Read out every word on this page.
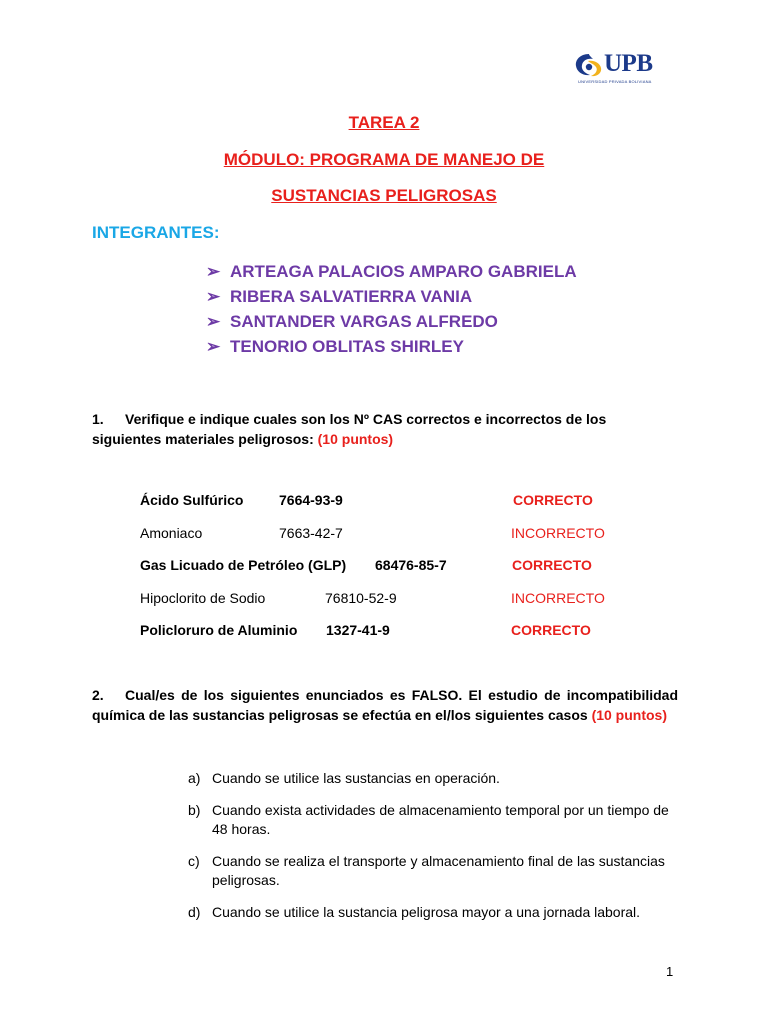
UPB
UNIVERSIDAD PRIVADA BOLIVIANA
TAREA 2
MÓDULO: PROGRAMA DE MANEJO DE
SUSTANCIAS PELIGROSAS
INTEGRANTES:
➢ ARTEAGA PALACIOS AMPARO GABRIELA
➢ RIBERA SALVATIERRA VANIA
➢ SANTANDER VARGAS ALFREDO
➢ TENORIO OBLITAS SHIRLEY
1. Verifique e indique cuales son los Nº CAS correctos e incorrectos de los siguientes materiales peligrosos: (10 puntos)
Ácido Sulfúrico	7664-93-9	CORRECTO
Amoniaco	7663-42-7	INCORRECTO
Gas Licuado de Petróleo (GLP) 68476-85-7	CORRECTO
Hipoclorito de Sodio	76810-52-9	INCORRECTO
Policloruro de Aluminio 1327-41-9	CORRECTO
2. Cual/es de los siguientes enunciados es FALSO. El estudio de incompatibilidad química de las sustancias peligrosas se efectúa en el/los siguientes casos (10 puntos)
a) Cuando se utilice las sustancias en operación.
b) Cuando exista actividades de almacenamiento temporal por un tiempo de 48 horas.
c) Cuando se realiza el transporte y almacenamiento final de las sustancias peligrosas.
d) Cuando se utilice la sustancia peligrosa mayor a una jornada laboral.
1
